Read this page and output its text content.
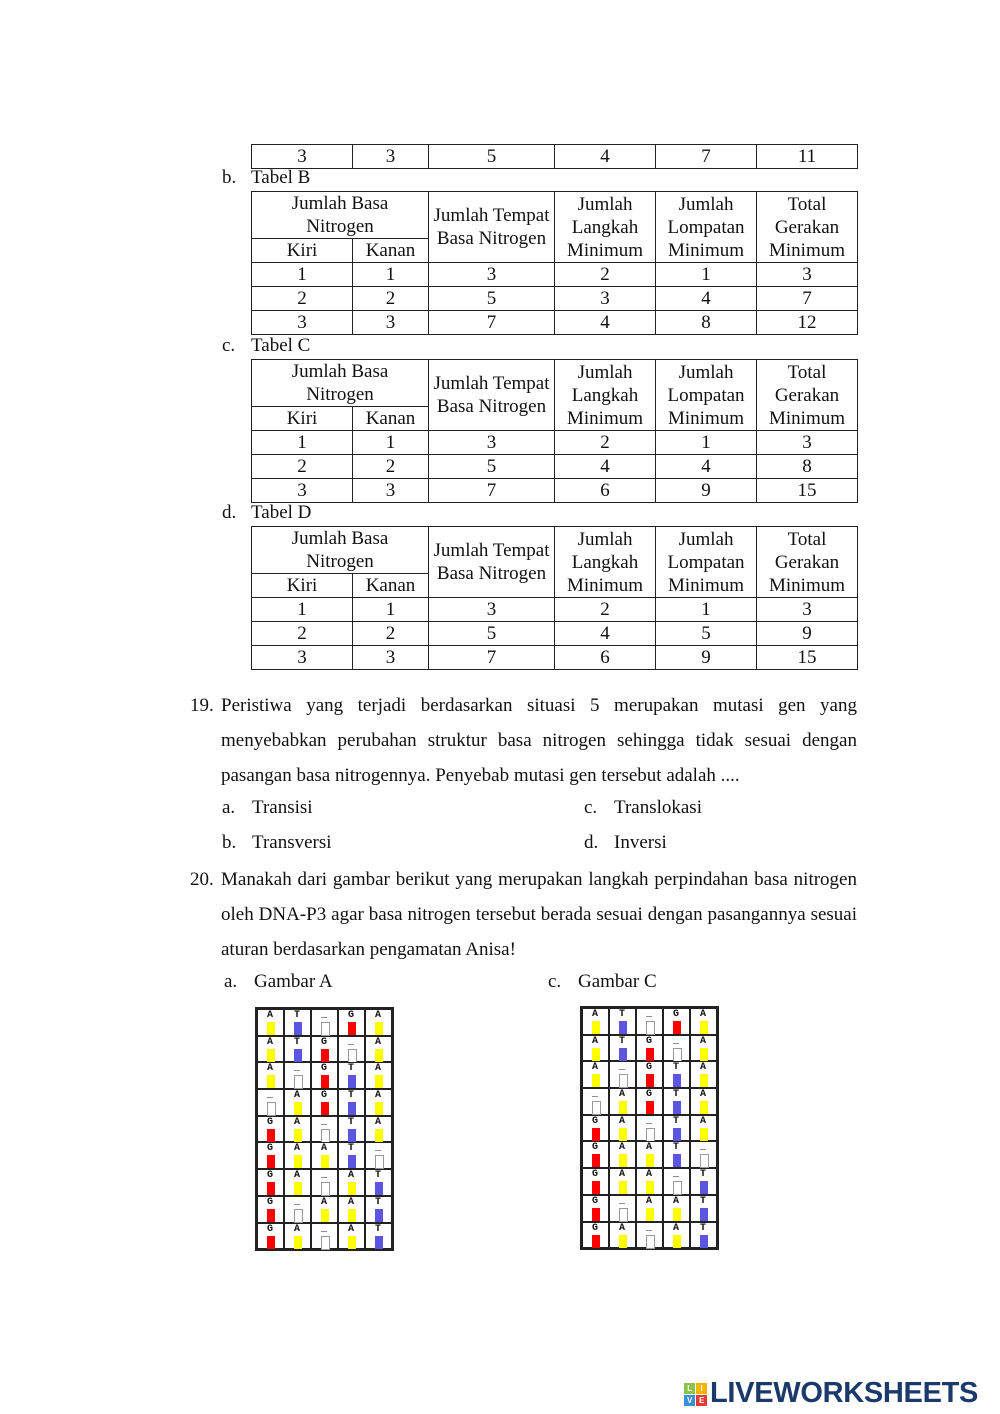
3	3	5	4	7	11
b. Tabel B
Jumlah Basa Nitrogen		Jumlah Tempat Basa Nitrogen	Jumlah Langkah Minimum	Jumlah Lompatan Minimum	Total Gerakan Minimum

Kiri	Kanan				
1	1	3	2	1	3
2	2	5	3	4	7
3	3	7	4	8	12
c. Tabel C
Jumlah Basa Nitrogen		Jumlah Tempat Basa Nitrogen	Jumlah Langkah Minimum	Jumlah Lompatan Minimum	Total Gerakan Minimum

Kiri	Kanan				
1	1	3	2	1	3
2	2	5	4	4	8
3	3	7	6	9	15
d. Tabel D
Jumlah Basa Nitrogen		Jumlah Tempat Basa Nitrogen	Jumlah Langkah Minimum	Jumlah Lompatan Minimum	Total Gerakan Minimum

Kiri	Kanan				
1	1	3	2	1	3
2	2	5	4	5	9
3	3	7	6	9	15
19. Peristiwa yang terjadi berdasarkan situasi 5 merupakan mutasi gen yang menyebabkan perubahan struktur basa nitrogen sehingga tidak sesuai dengan pasangan basa nitrogennya. Penyebab mutasi gen tersebut adalah ....
a. Transisi
b. Transversi
c. Translokasi
d. Inversi
20. Manakah dari gambar berikut yang merupakan langkah perpindahan basa nitrogen oleh DNA-P3 agar basa nitrogen tersebut berada sesuai dengan pasangannya sesuai aturan berdasarkan pengamatan Anisa!
a. Gambar A	c. Gambar C
AT_GA
ATG_A
A_GTA
_AGTA
GA_TA
GAAT_
GA_AT
G_AAT
GA_AT
AT_GA
ATG_A
A_GTA
_AGTA
GA_TA
GAAT_
GAA_T
G_AAT
GA_AT
L	I
V E LIVEWORKSHEETS
